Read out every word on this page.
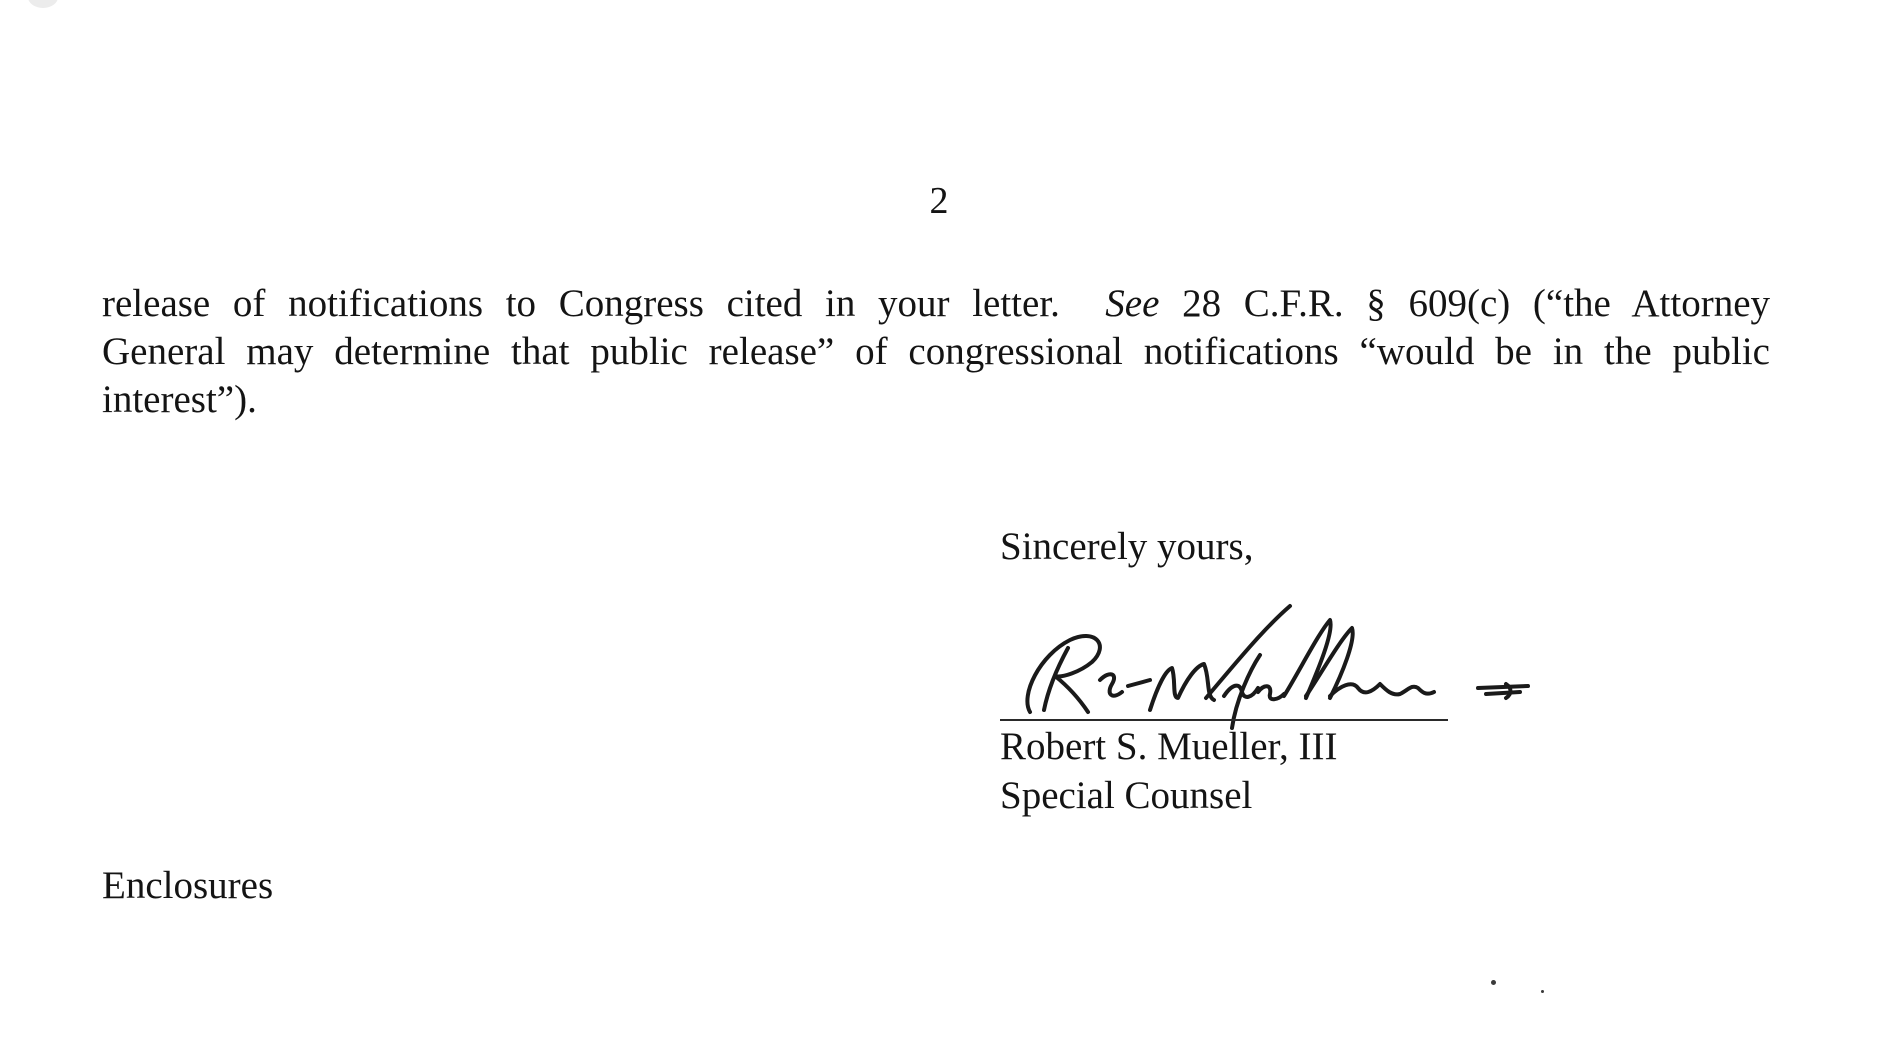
2
release of notifications to Congress cited in your letter. See 28 C.F.R. § 609(c) (“the Attorney
General may determine that public release” of congressional notifications “would be in the public
interest”).
Sincerely yours,
Robert S. Mueller, III
Special Counsel
Enclosures
